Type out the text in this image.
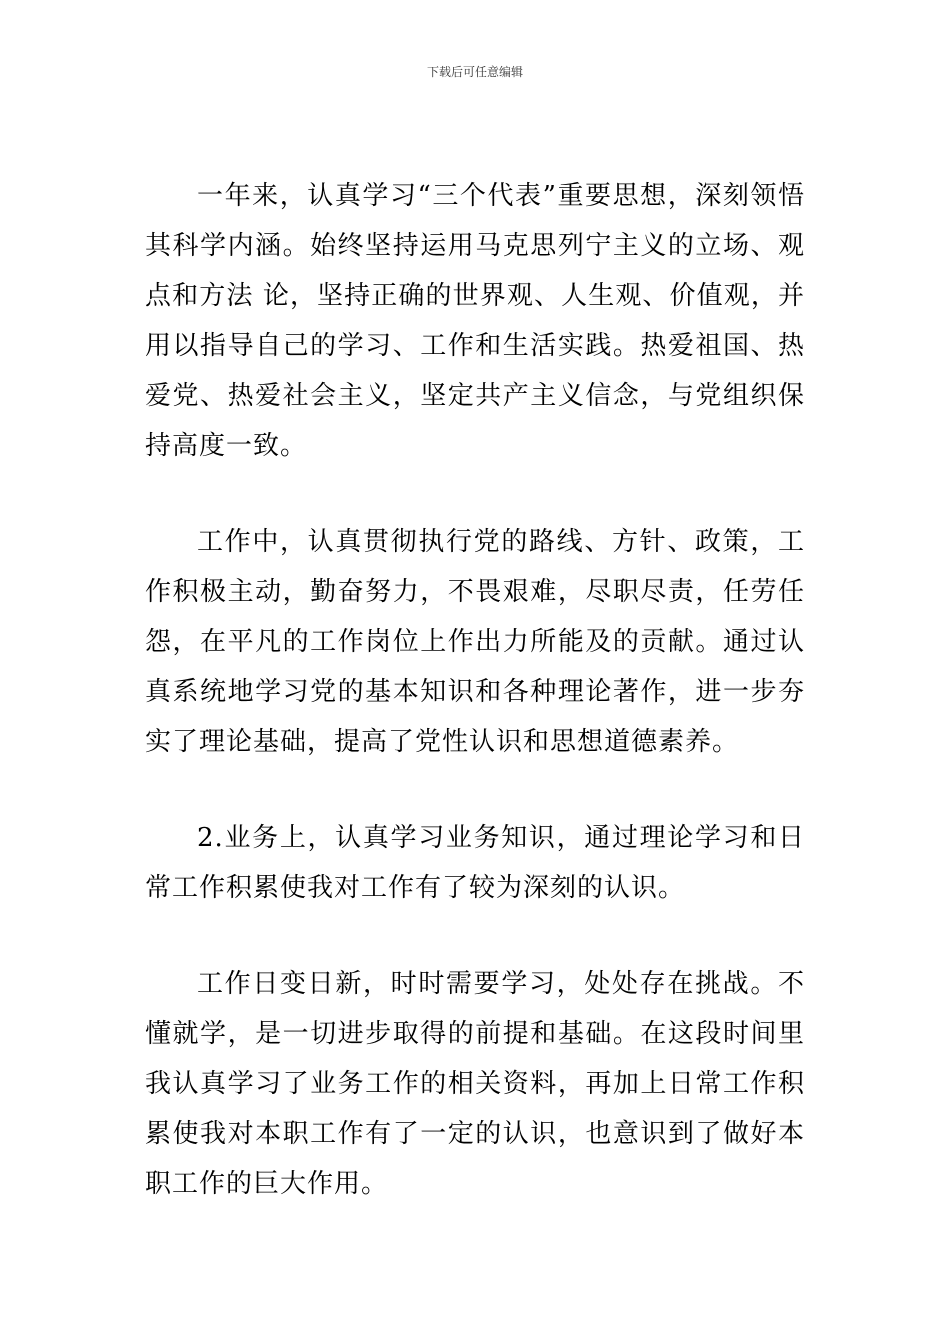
下载后可任意编辑

一年来，认真学习“三个代表”重要思想，深刻领悟其科学内涵。始终坚持运用马克思列宁主义的立场、观点和方法 论，坚持正确的世界观、人生观、价值观，并用以指导自己的学习、工作和生活实践。热爱祖国、热爱党、热爱社会主义，坚定共产主义信念，与党组织保持高度一致。

工作中，认真贯彻执行党的路线、方针、政策，工作积极主动，勤奋努力，不畏艰难，尽职尽责，任劳任怨，在平凡的工作岗位上作出力所能及的贡献。通过认真系统地学习党的基本知识和各种理论著作，进一步夯实了理论基础，提高了党性认识和思想道德素养。

2.业务上，认真学习业务知识，通过理论学习和日常工作积累使我对工作有了较为深刻的认识。

工作日变日新，时时需要学习，处处存在挑战。不懂就学，是一切进步取得的前提和基础。在这段时间里我认真学习了业务工作的相关资料，再加上日常工作积累使我对本职工作有了一定的认识，也意识到了做好本职工作的巨大作用。
